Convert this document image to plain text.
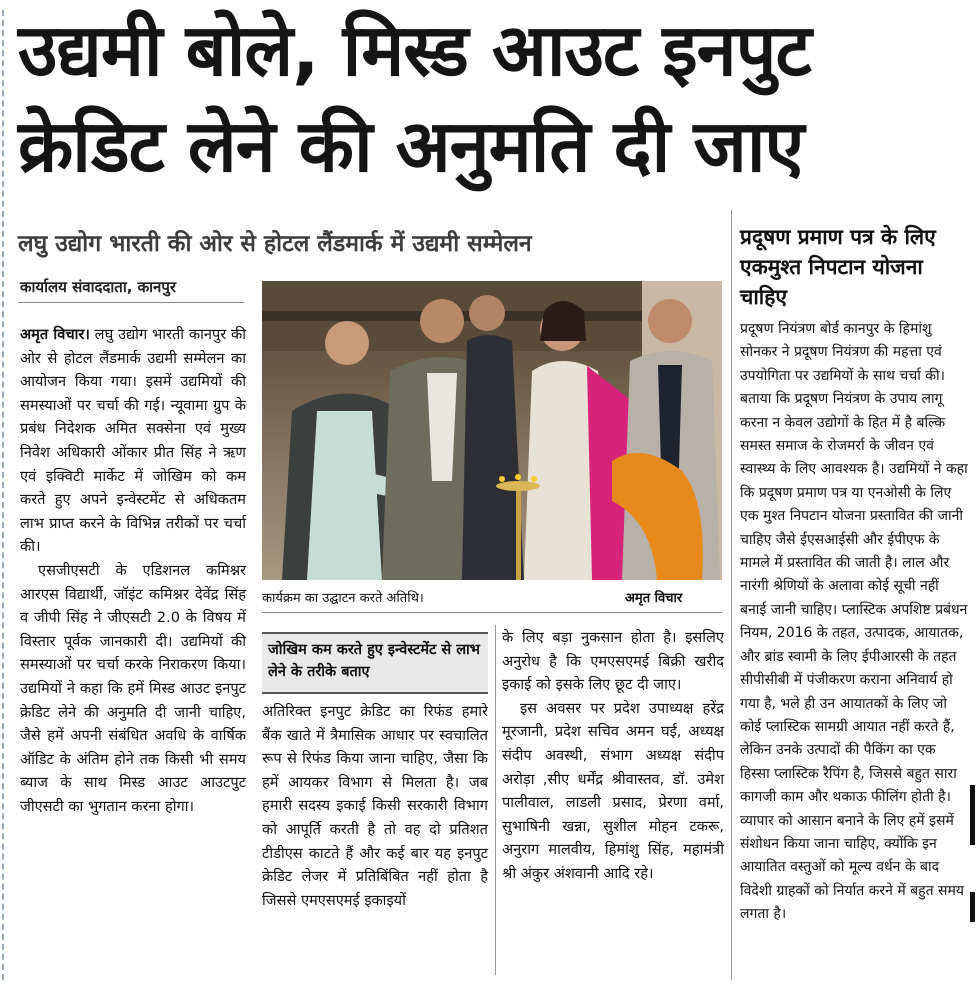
उद्यमी बोले, मिस्ड आउट इनपुट
क्रेडिट लेने की अनुमति दी जाए
लघु उद्योग भारती की ओर से होटल लैंडमार्क में उद्यमी सम्मेलन
कार्यालय संवाददाता, कानपुर

अमृत विचार। लघु उद्योग भारती कानपुर की ओर से होटल लैंडमार्क उद्यमी सम्मेलन का आयोजन किया गया। इसमें उद्यमियों की समस्याओं पर चर्चा की गई। न्यूवामा ग्रुप के प्रबंध निदेशक अमित सक्सेना एवं मुख्य निवेश अधिकारी ओंकार प्रीत सिंह ने ऋण एवं इक्विटी मार्केट में जोखिम को कम करते हुए अपने इन्वेस्टमेंट से अधिकतम लाभ प्राप्त करने के विभिन्न तरीकों पर चर्चा की।

एसजीएसटी के एडिशनल कमिश्नर आरएस विद्यार्थी, जॉइंट कमिश्नर देवेंद्र सिंह व जीपी सिंह ने जीएसटी 2.0 के विषय में विस्तार पूर्वक जानकारी दी। उद्यमियों की समस्याओं पर चर्चा करके निराकरण किया।उद्यमियों ने कहा कि हमें मिस्ड आउट इनपुट क्रेडिट लेने की अनुमति दी जानी चाहिए, जैसे हमें अपनी संबंधित अवधि के वार्षिक ऑडिट के अंतिम होने तक किसी भी समय ब्याज के साथ मिस्ड आउट आउटपुट जीएसटी का भुगतान करना होगा।

कार्यक्रम का उद्घाटन करते अतिथि।	अमृत विचार
जोखिम कम करते हुए इन्वेस्टमेंट से लाभ लेने के तरीके बताए

अतिरिक्त इनपुट क्रेडिट का रिफंड हमारे बैंक खाते में त्रैमासिक आधार पर स्वचालित रूप से रिफंड किया जाना चाहिए, जैसा कि हमें आयकर विभाग से मिलता है। जब हमारी सदस्य इकाई किसी सरकारी विभाग को आपूर्ति करती है तो वह दो प्रतिशत टीडीएस काटते हैं और कई बार यह इनपुट क्रेडिट लेजर में प्रतिबिंबित नहीं होता है जिससे एमएसएमई इकाइयों

के लिए बड़ा नुकसान होता है। इसलिए अनुरोध है कि एमएसएमई बिक्री खरीद इकाई को इसके लिए छूट दी जाए।

इस अवसर पर प्रदेश उपाध्यक्ष हरेंद्र मूरजानी, प्रदेश सचिव अमन घई, अध्यक्ष संदीप अवस्थी, संभाग अध्यक्ष संदीप अरोड़ा ,सीए धर्मेंद्र श्रीवास्तव, डॉ. उमेश पालीवाल, लाडली प्रसाद, प्रेरणा वर्मा, सुभाषिनी खन्ना, सुशील मोहन टकरू, अनुराग मालवीय, हिमांशु सिंह, महामंत्री श्री अंकुर अंशवानी आदि रहे।

प्रदूषण प्रमाण पत्र के लिए एकमुश्त निपटान योजना चाहिए

प्रदूषण नियंत्रण बोर्ड कानपुर के हिमांशु सोनकर ने प्रदूषण नियंत्रण की महत्ता एवं उपयोगिता पर उद्यमियों के साथ चर्चा की। बताया कि प्रदूषण नियंत्रण के उपाय लागू करना न केवल उद्योगों के हित में है बल्कि समस्त समाज के रोजमर्रा के जीवन एवं स्वास्थ्य के लिए आवश्यक है। उद्यमियों ने कहा कि प्रदूषण प्रमाण पत्र या एनओसी के लिए एक मुश्त निपटान योजना प्रस्तावित की जानी चाहिए जैसे ईएसआईसी और ईपीएफ के मामले में प्रस्तावित की जाती है। लाल और नारंगी श्रेणियों के अलावा कोई सूची नहीं बनाई जानी चाहिए। प्लास्टिक अपशिष्ट प्रबंधन नियम, 2016 के तहत, उत्पादक, आयातक, और ब्रांड स्वामी के लिए ईपीआरसी के तहत सीपीसीबी में पंजीकरण कराना अनिवार्य हो गया है, भले ही उन आयातकों के लिए जो कोई प्लास्टिक सामग्री आयात नहीं करते हैं, लेकिन उनके उत्पादों की पैकिंग का एक हिस्सा प्लास्टिक रैपिंग है, जिससे बहुत सारा कागजी काम और थकाऊ फीलिंग होती है। व्यापार को आसान बनाने के लिए हमें इसमें संशोधन किया जाना चाहिए, क्योंकि इन आयातित वस्तुओं को मूल्य वर्धन के बाद विदेशी ग्राहकों को निर्यात करने में बहुत समय लगता है।
